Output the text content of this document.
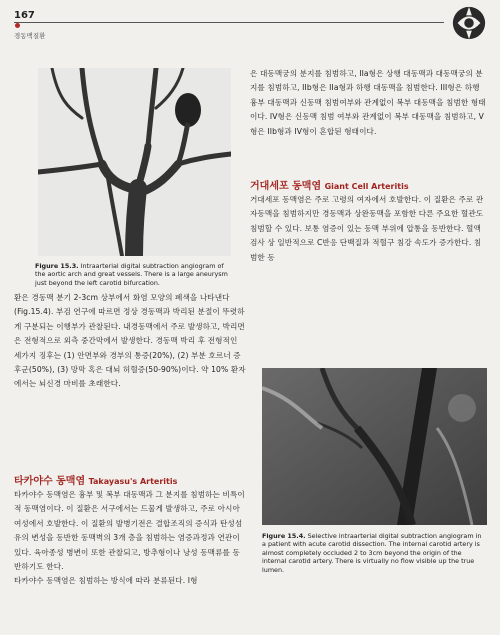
167
경동맥질환
Figure 15.3. Intraarterial digital subtraction angiogram of the aortic arch and great vessels. There is a large aneurysm just beyond the left carotid bifurcation.
Figure 15.4. Selective intraarterial digital subtraction angiogram in a patient with acute carotid dissection. The internal carotid artery is almost completely occluded 2 to 3cm beyond the origin of the internal carotid artery. There is virtually no flow visible up the true lumen.
은 대동맥궁의 분지를 침범하고, IIa형은 상행 대동맥과 대동맥궁의 분지를 침범하고, IIb형은 IIa형과 하행 대동맥을 침범한다. III형은 하행 흉부 대동맥과 신동맥 침범여부와 관계없이 복부 대동맥을 침범한 형태이다. IV형은 신동맥 침범 여부와 관계없이 복부 대동맥을 침범하고, V형은 IIb형과 IV형이 혼합된 형태이다.
거대세포 동맥염 Giant Cell Arteritis
거대세포 동맥염은 주로 고령의 여자에서 호발한다. 이 질환은 주로 관자동맥을 침범하지만 경동맥과 상완동맥을 포함한 다른 주요한 혈관도 침범할 수 있다. 보통 염증이 있는 동맥 부위에 압통을 동반한다. 혈액검사 상 일반적으로 C반응 단백질과 적혈구 침강 속도가 증가한다. 침범한 동
환은 경동맥 분기 2-3cm 상부에서 화염 모양의 폐색을 나타낸다(Fig.15.4). 부검 연구에 따르면 정상 경동맥과 박리된 분절이 뚜렷하게 구분되는 이행부가 관찰된다. 내경동맥에서 주로 발생하고, 박리면은 전형적으로 외측 중간막에서 발생한다. 경동맥 박리 후 전형적인 세가지 징후는 (1) 안면부와 경부의 통증(20%), (2) 부분 호르너 증후군(50%), (3) 망막 혹은 대뇌 허혈증(50-90%)이다. 약 10% 환자에서는 뇌신경 마비를 초래한다.
타카야수 동맥염 Takayasu's Arteritis
타카야수 동맥염은 흉부 및 복부 대동맥과 그 분지를 침범하는 비특이적 동맥염이다. 이 질환은 서구에서는 드물게 발생하고, 주로 아시아 여성에서 호발한다. 이 질환의 발병기전은 결합조직의 증식과 탄성섬유의 변성을 동반한 동맥벽의 3개 층을 침범하는 염증과정과 연관이 있다. 육아종성 병변이 또한 관찰되고, 방추형이나 낭성 동맥류를 동반하기도 한다.
타카야수 동맥염은 침범하는 방식에 따라 분류된다. I형
